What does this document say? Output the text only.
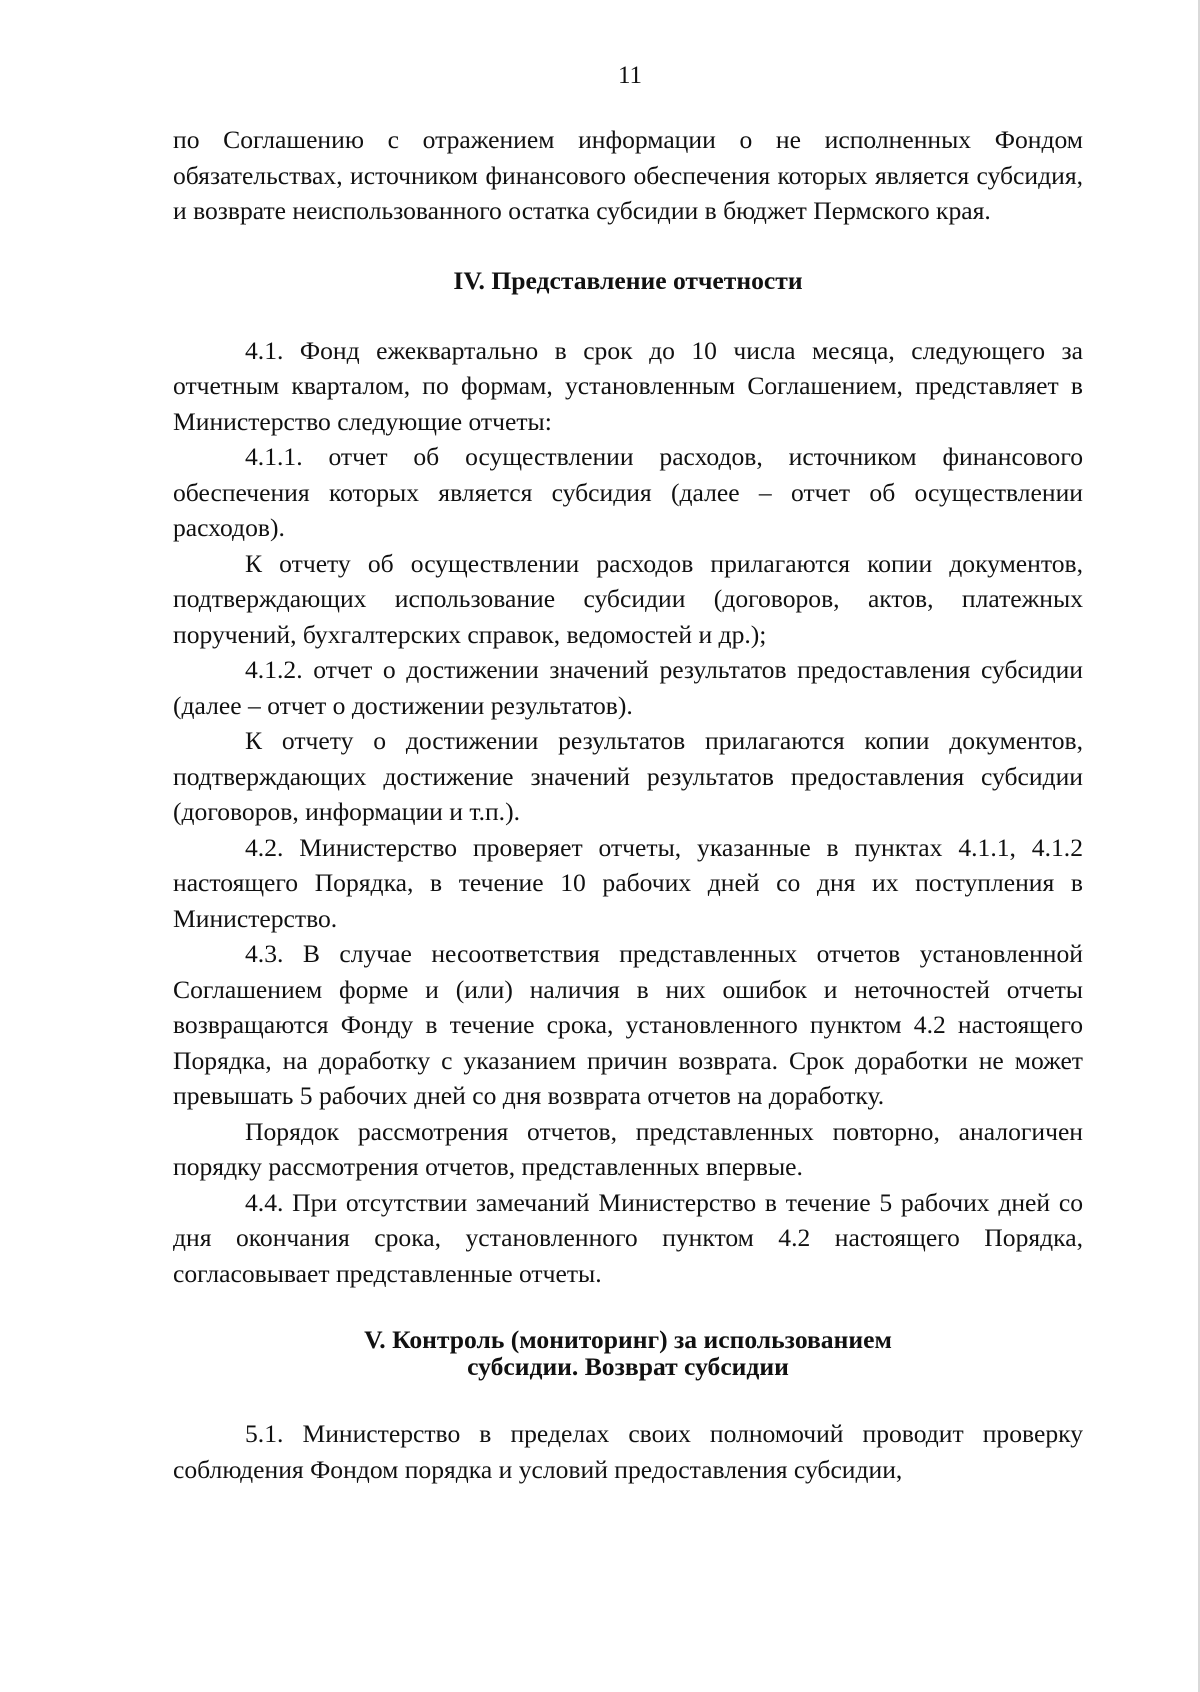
11

по Соглашению с отражением информации о не исполненных Фондом обязательствах, источником финансового обеспечения которых является субсидия, и возврате неиспользованного остатка субсидии в бюджет Пермского края.

IV. Представление отчетности

4.1. Фонд ежеквартально в срок до 10 числа месяца, следующего за отчетным кварталом, по формам, установленным Соглашением, представляет в Министерство следующие отчеты:

4.1.1. отчет об осуществлении расходов, источником финансового обеспечения которых является субсидия (далее – отчет об осуществлении расходов).

К отчету об осуществлении расходов прилагаются копии документов, подтверждающих использование субсидии (договоров, актов, платежных поручений, бухгалтерских справок, ведомостей и др.);

4.1.2. отчет о достижении значений результатов предоставления субсидии (далее – отчет о достижении результатов).

К отчету о достижении результатов прилагаются копии документов, подтверждающих достижение значений результатов предоставления субсидии (договоров, информации и т.п.).

4.2. Министерство проверяет отчеты, указанные в пунктах 4.1.1, 4.1.2 настоящего Порядка, в течение 10 рабочих дней со дня их поступления в Министерство.

4.3. В случае несоответствия представленных отчетов установленной Соглашением форме и (или) наличия в них ошибок и неточностей отчеты возвращаются Фонду в течение срока, установленного пунктом 4.2 настоящего Порядка, на доработку с указанием причин возврата. Срок доработки не может превышать 5 рабочих дней со дня возврата отчетов на доработку.

Порядок рассмотрения отчетов, представленных повторно, аналогичен порядку рассмотрения отчетов, представленных впервые.

4.4. При отсутствии замечаний Министерство в течение 5 рабочих дней со дня окончания срока, установленного пунктом 4.2 настоящего Порядка, согласовывает представленные отчеты.

V. Контроль (мониторинг) за использованием
субсидии. Возврат субсидии

5.1. Министерство в пределах своих полномочий проводит проверку соблюдения Фондом порядка и условий предоставления субсидии,
